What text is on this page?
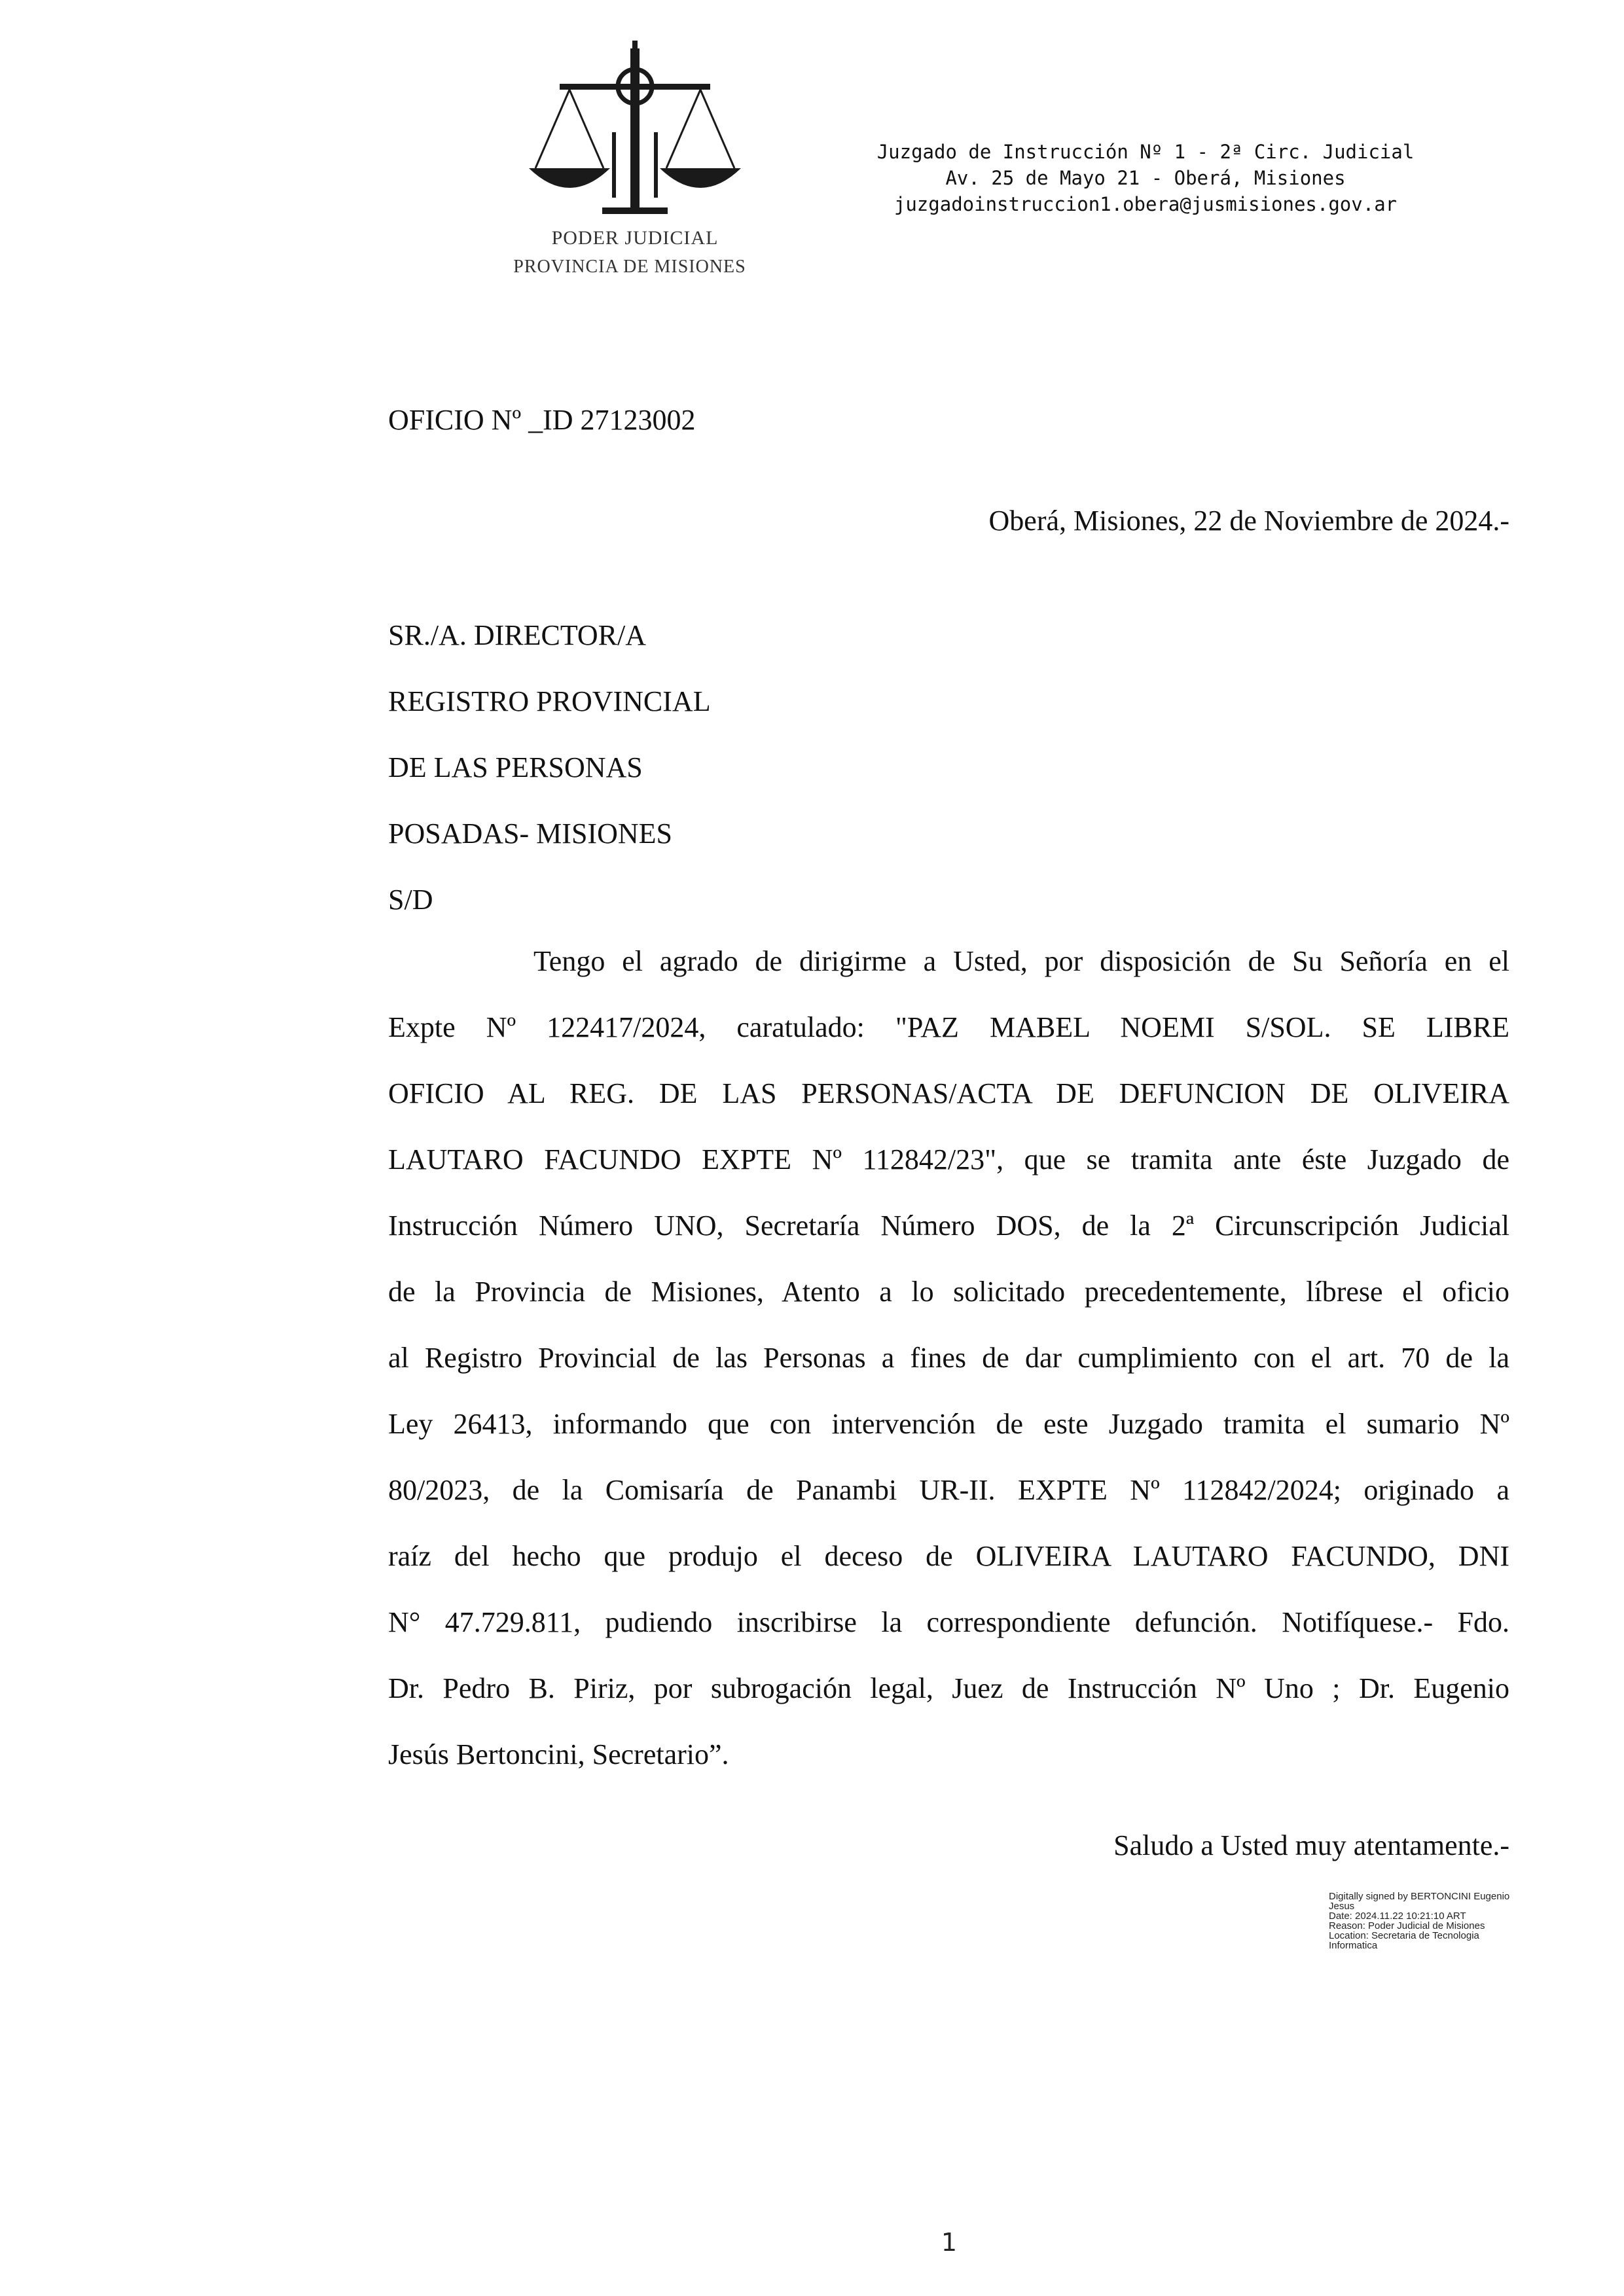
PODER JUDICIAL
PROVINCIA DE MISIONES
Juzgado de Instrucción Nº 1 - 2ª Circ. Judicial
Av. 25 de Mayo 21 - Oberá, Misiones
juzgadoinstruccion1.obera@jusmisiones.gov.ar
OFICIO Nº _ID 27123002
Oberá, Misiones, 22 de Noviembre de 2024.-
SR./A. DIRECTOR/A
REGISTRO PROVINCIAL
DE LAS PERSONAS
POSADAS- MISIONES
S/D
Tengo el agrado de dirigirme a Usted, por disposición de Su Señoría en el
Expte Nº 122417/2024, caratulado: "PAZ MABEL NOEMI S/SOL. SE LIBRE
OFICIO AL REG. DE LAS PERSONAS/ACTA DE DEFUNCION DE OLIVEIRA
LAUTARO FACUNDO EXPTE Nº 112842/23", que se tramita ante éste Juzgado de
Instrucción Número UNO, Secretaría Número DOS, de la 2ª Circunscripción Judicial
de la Provincia de Misiones, Atento a lo solicitado precedentemente, líbrese el oficio
al Registro Provincial de las Personas a fines de dar cumplimiento con el art. 70 de la
Ley 26413, informando que con intervención de este Juzgado tramita el sumario Nº
80/2023, de la Comisaría de Panambi UR-II. EXPTE Nº 112842/2024; originado a
raíz del hecho que produjo el deceso de OLIVEIRA LAUTARO FACUNDO, DNI
N° 47.729.811, pudiendo inscribirse la correspondiente defunción. Notifíquese.- Fdo.
Dr. Pedro B. Piriz, por subrogación legal, Juez de Instrucción Nº Uno ; Dr. Eugenio
Jesús Bertoncini, Secretario”.
Saludo a Usted muy atentamente.-
Digitally signed by BERTONCINI Eugenio
Jesus
Date: 2024.11.22 10:21:10 ART
Reason: Poder Judicial de Misiones
Location: Secretaria de Tecnologia
Informatica
1
